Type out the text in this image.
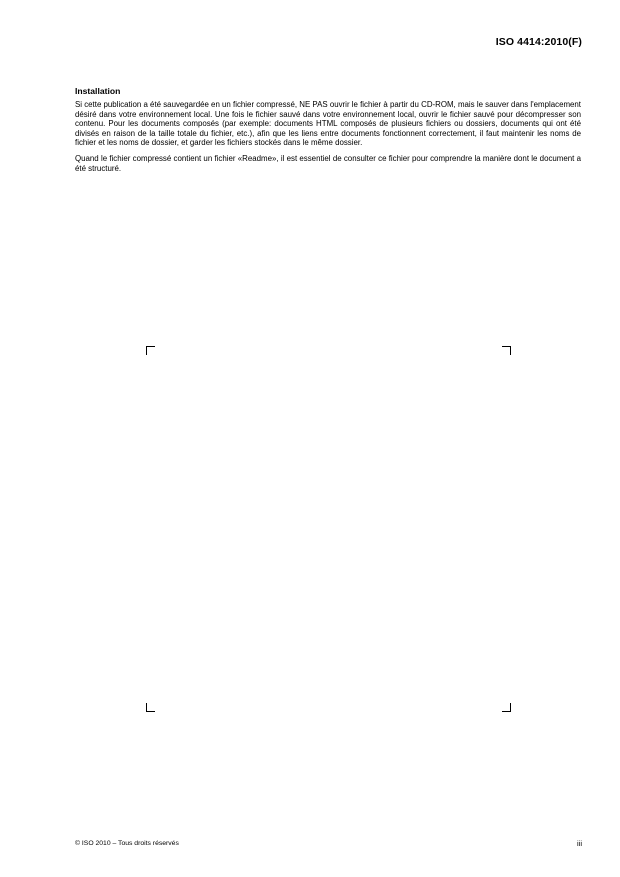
ISO 4414:2010(F)
Installation

Si cette publication a été sauvegardée en un fichier compressé, NE PAS ouvrir le fichier à partir du CD-ROM, mais le sauver dans l'emplacement désiré dans votre environnement local. Une fois le fichier sauvé dans votre environnement local, ouvrir le fichier sauvé pour décompresser son contenu. Pour les documents composés (par exemple: documents HTML composés de plusieurs fichiers ou dossiers, documents qui ont été divisés en raison de la taille totale du fichier, etc.), afin que les liens entre documents fonctionnent correctement, il faut maintenir les noms de fichier et les noms de dossier, et garder les fichiers stockés dans le même dossier.

Quand le fichier compressé contient un fichier «Readme», il est essentiel de consulter ce fichier pour comprendre la manière dont le document a été structuré.

© ISO 2010 – Tous droits réservés	iii
